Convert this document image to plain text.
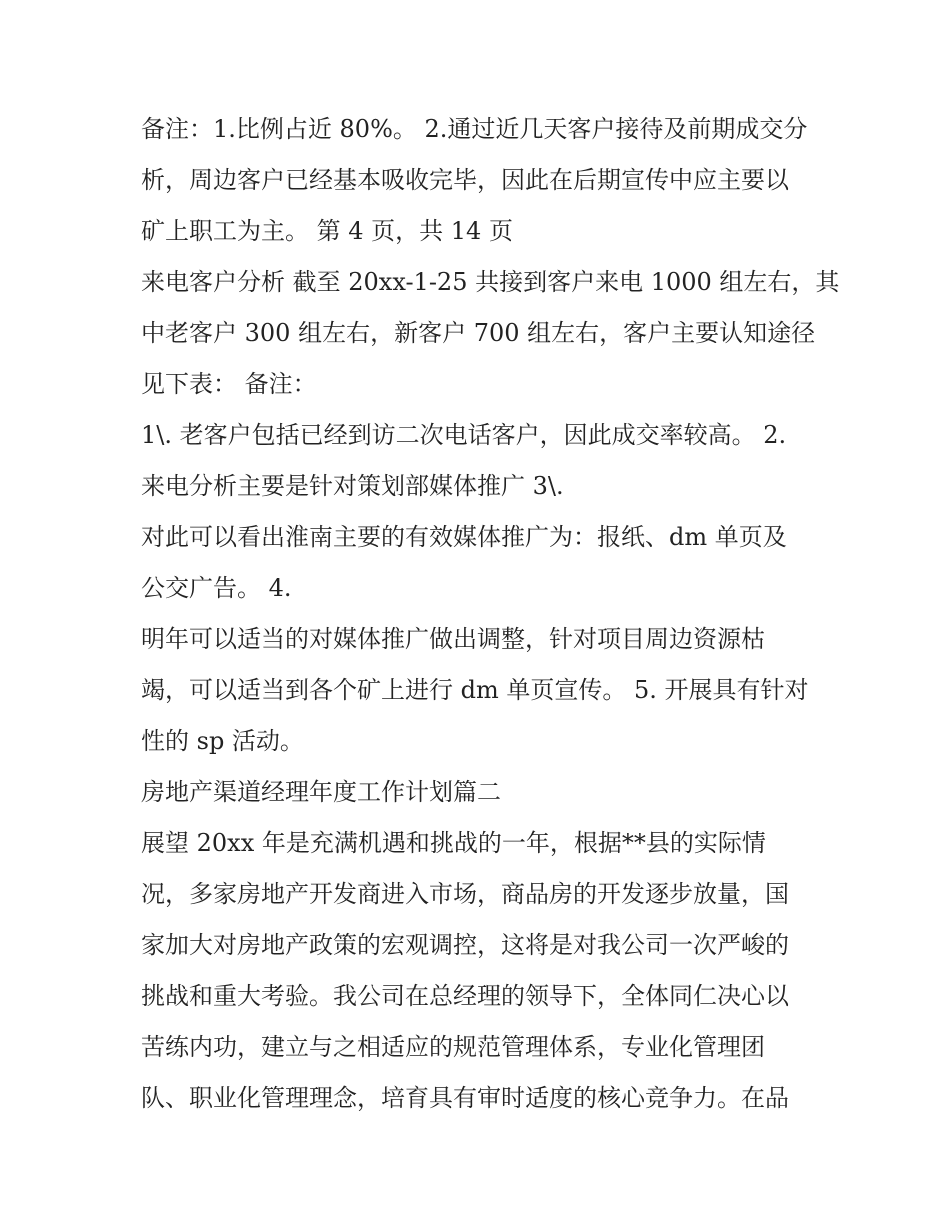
备注：1.比例占近 80%。 2.通过近几天客户接待及前期成交分
析，周边客户已经基本吸收完毕，因此在后期宣传中应主要以
矿上职工为主。 第 4 页，共 14 页
来电客户分析 截至 20xx-1-25 共接到客户来电 1000 组左右，其
中老客户 300 组左右，新客户 700 组左右，客户主要认知途径
见下表： 备注：
1\. 老客户包括已经到访二次电话客户，因此成交率较高。 2.
来电分析主要是针对策划部媒体推广 3\.
对此可以看出淮南主要的有效媒体推广为：报纸、dm 单页及
公交广告。 4.
明年可以适当的对媒体推广做出调整，针对项目周边资源枯
竭，可以适当到各个矿上进行 dm 单页宣传。 5. 开展具有针对
性的 sp 活动。
房地产渠道经理年度工作计划篇二
展望 20xx 年是充满机遇和挑战的一年，根据**县的实际情
况，多家房地产开发商进入市场，商品房的开发逐步放量，国
家加大对房地产政策的宏观调控，这将是对我公司一次严峻的
挑战和重大考验。我公司在总经理的领导下，全体同仁决心以
苦练内功，建立与之相适应的规范管理体系，专业化管理团
队、职业化管理理念，培育具有审时适度的核心竞争力。在品
